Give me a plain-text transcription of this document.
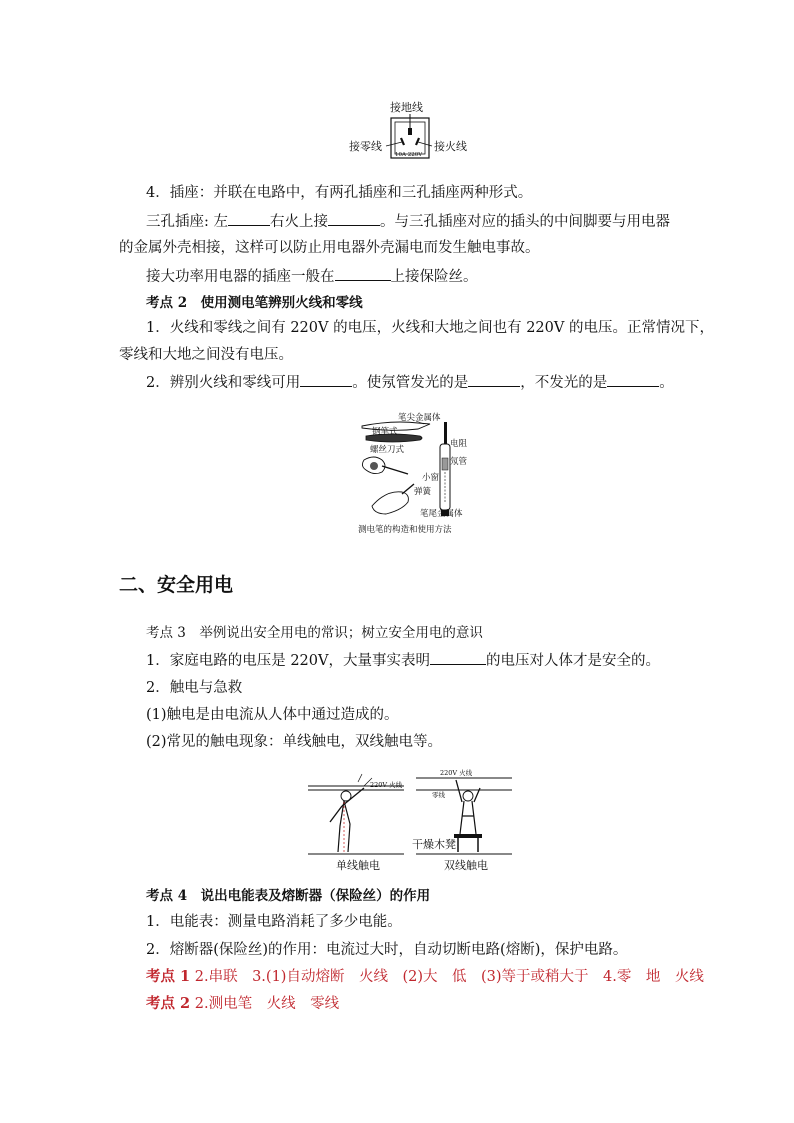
接地线
接零线	接火线
10A 220V
4．插座：并联在电路中，有两孔插座和三孔插座两种形式。
三孔插座: 左	右火上接	。与三孔插座对应的插头的中间脚要与用电器
的金属外壳相接，这样可以防止用电器外壳漏电而发生触电事故。
接大功率用电器的插座一般在	上接保险丝。
考点 2　使用测电笔辨别火线和零线
1．火线和零线之间有 220V 的电压，火线和大地之间也有 220V 的电压。正常情况下，
零线和大地之间没有电压。
2．辨别火线和零线可用	。使氖管发光的是	，不发光的是	。
钢笔式
笔尖金属体
电阻
氖管
小窗
弹簧
笔尾金属体
螺丝刀式
测电笔的构造和使用方法
二、安全用电
考点 3　举例说出安全用电的常识；树立安全用电的意识
1．家庭电路的电压是 220V，大量事实表明	的电压对人体才是安全的。
2．触电与急救
(1)触电是由电流从人体中通过造成的。
(2)常见的触电现象：单线触电，双线触电等。
220V 火线
单线触电
220V 火线
零线
干燥木凳
双线触电
考点 4　说出电能表及熔断器（保险丝）的作用
1．电能表：测量电路消耗了多少电能。
2．熔断器(保险丝)的作用：电流过大时，自动切断电路(熔断)，保护电路。
考点 1 2.串联　3.(1)自动熔断　火线　(2)大　低　(3)等于或稍大于　4.零　地　火线
考点 2 2.测电笔　火线　零线
